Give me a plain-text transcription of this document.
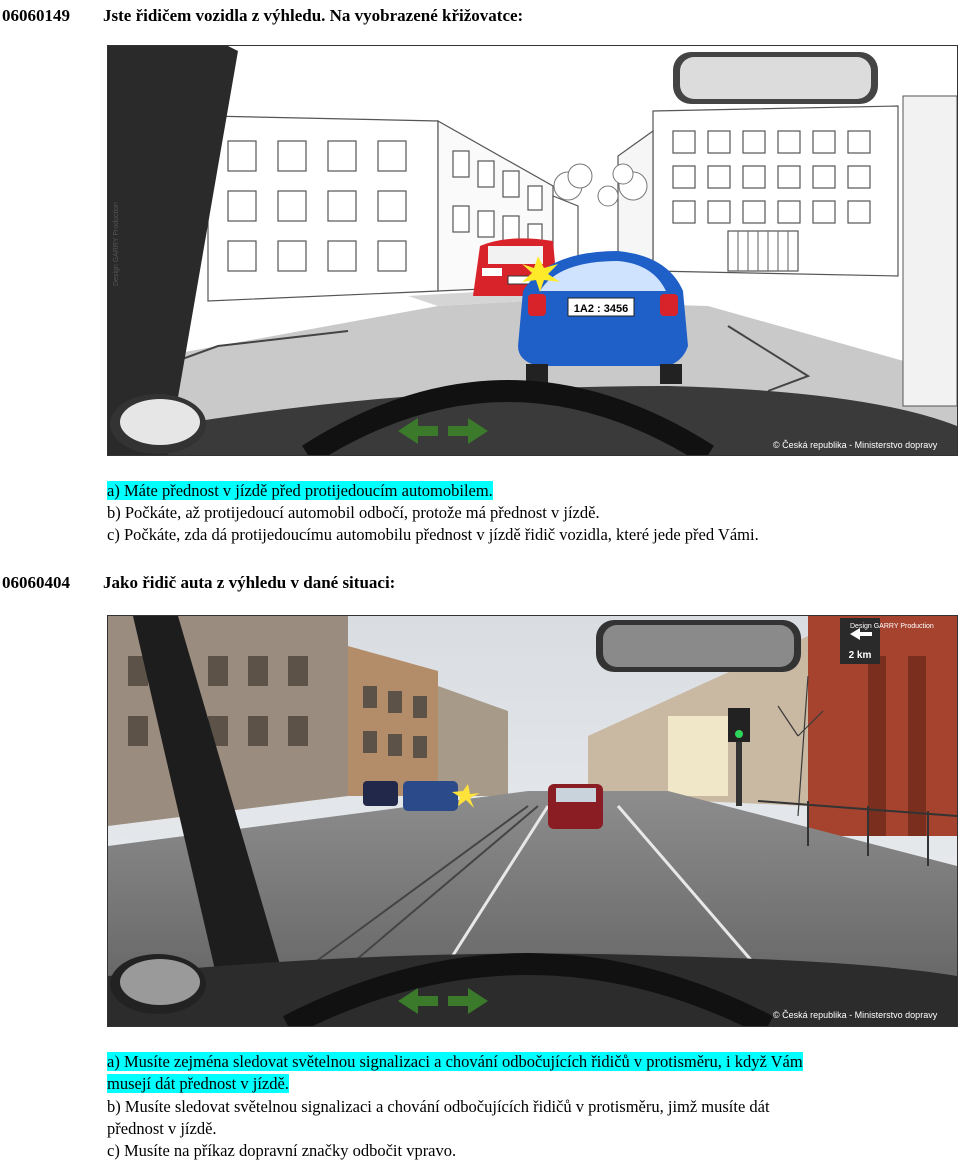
06060149 Jste řidičem vozidla z výhledu. Na vyobrazené křižovatce:
1A2 : 3456
Design GARRY Production
© Česká republika - Ministerstvo dopravy
a) Máte přednost v jízdě před protijedoucím automobilem.
b) Počkáte, až protijedoucí automobil odbočí, protože má přednost v jízdě.
c) Počkáte, zda dá protijedoucímu automobilu přednost v jízdě řidič vozidla, které jede před Vámi.
06060404 Jako řidič auta z výhledu v dané situaci:
2 km
Design GARRY Production
© Česká republika - Ministerstvo dopravy
a) Musíte zejména sledovat světelnou signalizaci a chování odbočujících řidičů v protisměru, i když Vám
musejí dát přednost v jízdě.
b) Musíte sledovat světelnou signalizaci a chování odbočujících řidičů v protisměru, jimž musíte dát
přednost v jízdě.
c) Musíte na příkaz dopravní značky odbočit vpravo.
